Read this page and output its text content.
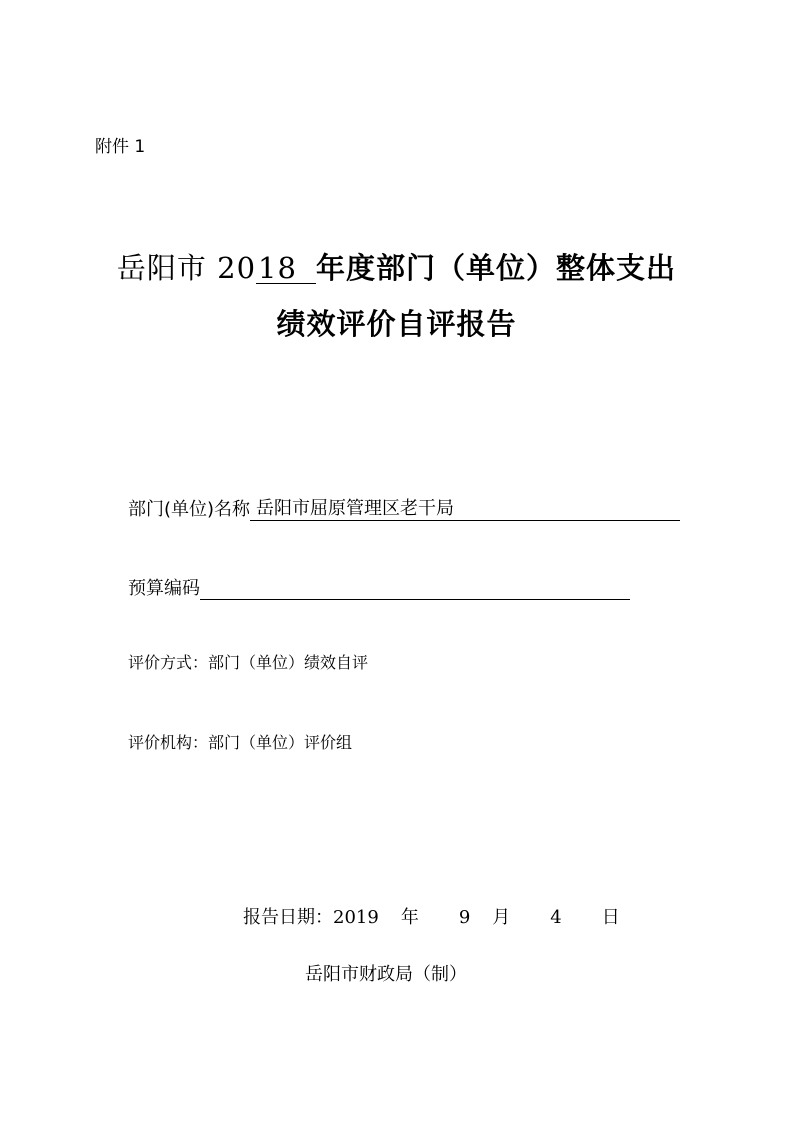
附件 1
岳阳市 2018 年度部门（单位）整体支出
绩效评价自评报告
部门(单位)名称 岳阳市屈原管理区老干局
预算编码
评价方式：部门（单位）绩效自评
评价机构：部门（单位）评价组
报告日期：2019 年 9 月 4 日
岳阳市财政局（制）
